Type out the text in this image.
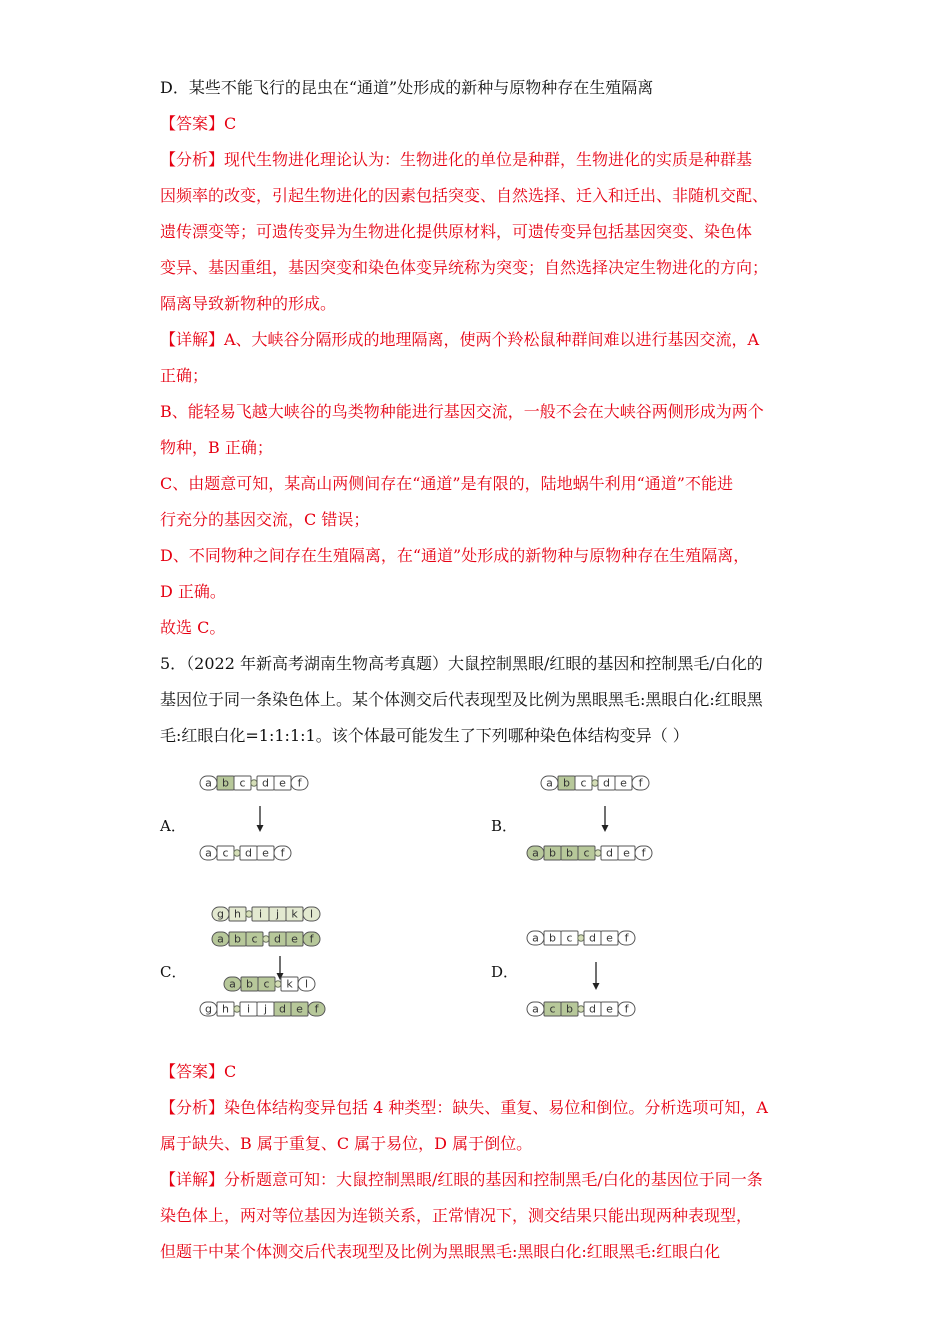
D．某些不能飞行的昆虫在“通道”处形成的新种与原物种存在生殖隔离
【答案】C
【分析】现代生物进化理论认为：生物进化的单位是种群，生物进化的实质是种群基
因频率的改变，引起生物进化的因素包括突变、自然选择、迁入和迁出、非随机交配、
遗传漂变等；可遗传变异为生物进化提供原材料，可遗传变异包括基因突变、染色体
变异、基因重组，基因突变和染色体变异统称为突变；自然选择决定生物进化的方向；
隔离导致新物种的形成。
【详解】A、大峡谷分隔形成的地理隔离，使两个羚松鼠种群间难以进行基因交流，A
正确；
B、能轻易飞越大峡谷的鸟类物种能进行基因交流，一般不会在大峡谷两侧形成为两个
物种，B 正确；
C、由题意可知，某高山两侧间存在“通道”是有限的，陆地蜗牛利用“通道”不能进
行充分的基因交流，C 错误；
D、不同物种之间存在生殖隔离，在“通道”处形成的新物种与原物种存在生殖隔离，
D 正确。
故选 C。
5．（2022 年新高考湖南生物高考真题）大鼠控制黑眼/红眼的基因和控制黑毛/白化的
基因位于同一条染色体上。某个体测交后代表现型及比例为黑眼黑毛:黑眼白化:红眼黑
毛:红眼白化=1:1:1:1。该个体最可能发生了下列哪种染色体结构变异（ ）
A．	B．
C．	D．
a b c d e f
a c d e f
a b c d e f
a b b c d e f
g h i j k l
a b c d e f
a b c k l
g h i j d e f
a b c d e f
a c b d e f
【答案】C
【分析】染色体结构变异包括 4 种类型：缺失、重复、易位和倒位。分析选项可知，A
属于缺失、B 属于重复、C 属于易位，D 属于倒位。
【详解】分析题意可知：大鼠控制黑眼/红眼的基因和控制黑毛/白化的基因位于同一条
染色体上，两对等位基因为连锁关系，正常情况下，测交结果只能出现两种表现型，
但题干中某个体测交后代表现型及比例为黑眼黑毛:黑眼白化:红眼黑毛:红眼白化
